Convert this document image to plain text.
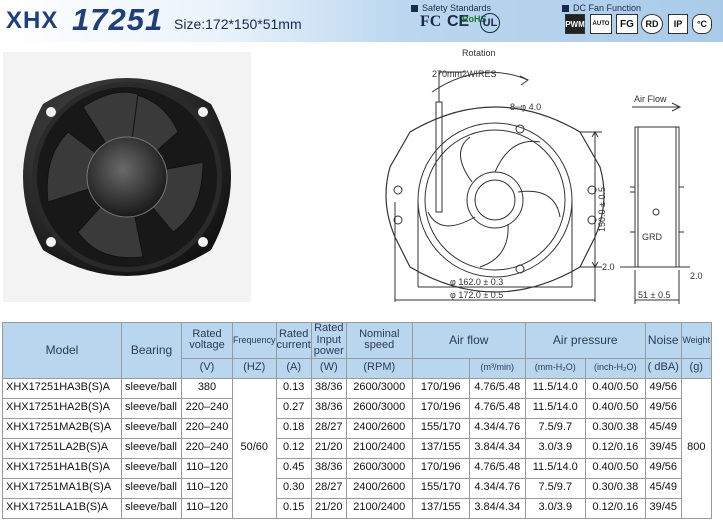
XHX 17251 Size:172*150*51mm
Safety Standards
FC CE
RoHS
UL
DC Fan Function
PWM	AUTO	FG	RD	IP	°C
Rotation
270mm2WIRES
8−φ 4.0
Air Flow
150.0 ± 0.5
φ 162.0 ± 0.3
φ 172.0 ± 0.5
GRD
2.0
2.0
51 ± 0.5
Model	Bearing	Rated voltage	Frequency	Rated current	Rated Input power	Nominal speed	Air flow		Air pressure		Noise	Weight
		(V)	(HZ)	(A)	(W)	(RPM)		(m³/min)	(mm-H₂O)	(inch-H₂O)	( dBA)	(g)
XHX17251HA3B(S)A	sleeve/ball	380	50/60	0.13	38/36	2600/3000	170/196	4.76/5.48	11.5/14.0	0.40/0.50	49/56	800
XHX17251HA2B(S)A	sleeve/ball	220–240		0.27	38/36	2600/3000	170/196	4.76/5.48	11.5/14.0	0.40/0.50	49/56	
XHX17251MA2B(S)A	sleeve/ball	220–240		0.18	28/27	2400/2600	155/170	4.34/4.76	7.5/9.7	0.30/0.38	45/49	
XHX17251LA2B(S)A	sleeve/ball	220–240		0.12	21/20	2100/2400	137/155	3.84/4.34	3.0/3.9	0.12/0.16	39/45	
XHX17251HA1B(S)A	sleeve/ball	110–120		0.45	38/36	2600/3000	170/196	4.76/5.48	11.5/14.0	0.40/0.50	49/56	
XHX17251MA1B(S)A	sleeve/ball	110–120		0.30	28/27	2400/2600	155/170	4.34/4.76	7.5/9.7	0.30/0.38	45/49	
XHX17251LA1B(S)A	sleeve/ball	110–120		0.15	21/20	2100/2400	137/155	3.84/4.34	3.0/3.9	0.12/0.16	39/45	
